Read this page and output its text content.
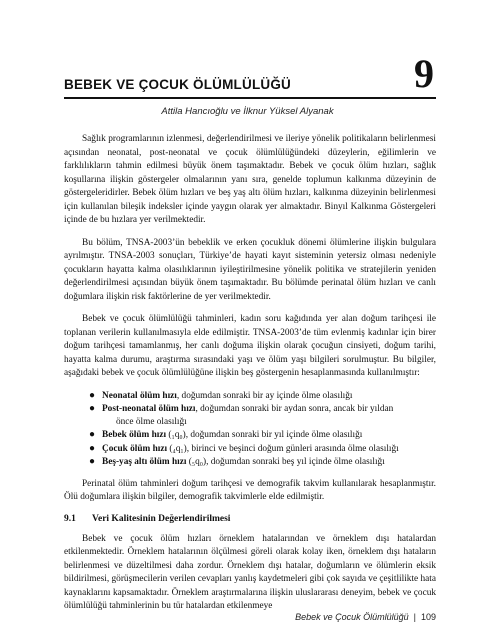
BEBEK VE ÇOCUK ÖLÜMLÜLÜĞÜ	9
Attila Hancıoğlu ve İlknur Yüksel Alyanak

Sağlık programlarının izlenmesi, değerlendirilmesi ve ileriye yönelik politikaların belirlenmesi açısından neonatal, post-neonatal ve çocuk ölümlülüğündeki düzeylerin, eğilimlerin ve farklılıkların tahmin edilmesi büyük önem taşımaktadır. Bebek ve çocuk ölüm hızları, sağlık koşullarına ilişkin göstergeler olmalarının yanı sıra, genelde toplumun kalkınma düzeyinin de göstergeleridirler. Bebek ölüm hızları ve beş yaş altı ölüm hızları, kalkınma düzeyinin belirlenmesi için kullanılan bileşik indeksler içinde yaygın olarak yer almaktadır. Binyıl Kalkınma Göstergeleri içinde de bu hızlara yer verilmektedir.

Bu bölüm, TNSA-2003’ün bebeklik ve erken çocukluk dönemi ölümlerine ilişkin bulgulara ayrılmıştır. TNSA-2003 sonuçları, Türkiye’de hayati kayıt sisteminin yetersiz olması nedeniyle çocukların hayatta kalma olasılıklarının iyileştirilmesine yönelik politika ve stratejilerin yeniden değerlendirilmesi açısından büyük önem taşımaktadır. Bu bölümde perinatal ölüm hızları ve canlı doğumlara ilişkin risk faktörlerine de yer verilmektedir.

Bebek ve çocuk ölümlülüğü tahminleri, kadın soru kağıdında yer alan doğum tarihçesi ile toplanan verilerin kullanılmasıyla elde edilmiştir. TNSA-2003’de tüm evlenmiş kadınlar için birer doğum tarihçesi tamamlanmış, her canlı doğuma ilişkin olarak çocuğun cinsiyeti, doğum tarihi, hayatta kalma durumu, araştırma sırasındaki yaşı ve ölüm yaşı bilgileri sorulmuştur. Bu bilgiler, aşağıdaki bebek ve çocuk ölümlülüğüne ilişkin beş göstergenin hesaplanmasında kullanılmıştır:

● Neonatal ölüm hızı, doğumdan sonraki bir ay içinde ölme olasılığı
● Post-neonatal ölüm hızı, doğumdan sonraki bir aydan sonra, ancak bir yıldan
önce ölme olasılığı
● Bebek ölüm hızı (₁q₀), doğumdan sonraki bir yıl içinde ölme olasılığı
● Çocuk ölüm hızı (₄q₁), birinci ve beşinci doğum günleri arasında ölme olasılığı
● Beş-yaş altı ölüm hızı (₅q₀), doğumdan sonraki beş yıl içinde ölme olasılığı

Perinatal ölüm tahminleri doğum tarihçesi ve demografik takvim kullanılarak hesaplanmıştır. Ölü doğumlara ilişkin bilgiler, demografik takvimlerle elde edilmiştir.

9.1 Veri Kalitesinin Değerlendirilmesi

Bebek ve çocuk ölüm hızları örneklem hatalarından ve örneklem dışı hatalardan etkilenmektedir. Örneklem hatalarının ölçülmesi göreli olarak kolay iken, örneklem dışı hataların belirlenmesi ve düzeltilmesi daha zordur. Örneklem dışı hatalar, doğumların ve ölümlerin eksik bildirilmesi, görüşmecilerin verilen cevapları yanlış kaydetmeleri gibi çok sayıda ve çeşitlilikte hata kaynaklarını kapsamaktadır. Örneklem araştırmalarına ilişkin uluslararası deneyim, bebek ve çocuk ölümlülüğü tahminlerinin bu tür hatalardan etkilenmeye

Bebek ve Çocuk Ölümlülüğü | 109
